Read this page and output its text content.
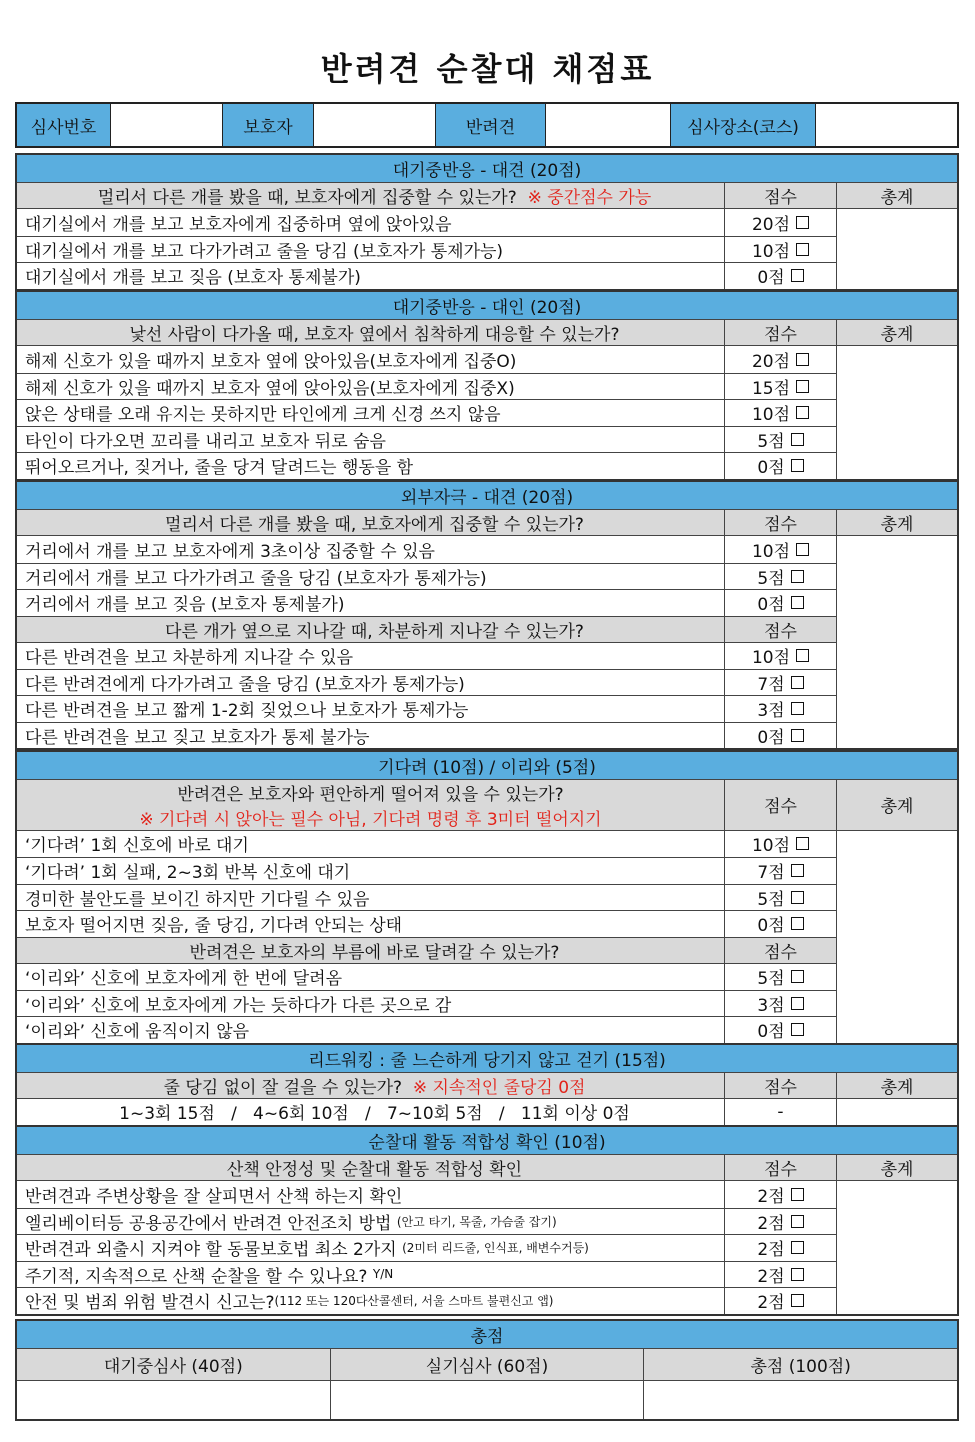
반려견 순찰대 채점표
심사번호	보호자	반려견	심사장소(코스)
대기중반응 - 대견 (20점)
멀리서 다른 개를 봤을 때, 보호자에게 집중할 수 있는가?
※ 중간점수 가능	점수	총계
대기실에서 개를 보고 보호자에게 집중하며 옆에 앉아있음	20점
대기실에서 개를 보고 다가가려고 줄을 당김 (보호자가 통제가능)	10점
대기실에서 개를 보고 짖음 (보호자 통제불가)	0점
대기중반응 - 대인 (20점)
낯선 사람이 다가올 때, 보호자 옆에서 침착하게 대응할 수 있는가?	점수	총계
해제 신호가 있을 때까지 보호자 옆에 앉아있음(보호자에게 집중O)	20점
해제 신호가 있을 때까지 보호자 옆에 앉아있음(보호자에게 집중X)	15점
앉은 상태를 오래 유지는 못하지만 타인에게 크게 신경 쓰지 않음	10점
타인이 다가오면 꼬리를 내리고 보호자 뒤로 숨음	5점
뛰어오르거나, 짖거나, 줄을 당겨 달려드는 행동을 함	0점
외부자극 - 대견 (20점)
멀리서 다른 개를 봤을 때, 보호자에게 집중할 수 있는가?	점수	총계
거리에서 개를 보고 보호자에게 3초이상 집중할 수 있음	10점
거리에서 개를 보고 다가가려고 줄을 당김 (보호자가 통제가능)	5점
거리에서 개를 보고 짖음 (보호자 통제불가)	0점
다른 개가 옆으로 지나갈 때, 차분하게 지나갈 수 있는가?	점수
다른 반려견을 보고 차분하게 지나갈 수 있음	10점
다른 반려견에게 다가가려고 줄을 당김 (보호자가 통제가능)	7점
다른 반려견을 보고 짧게 1-2회 짖었으나 보호자가 통제가능	3점
다른 반려견을 보고 짖고 보호자가 통제 불가능	0점
기다려 (10점) / 이리와 (5점)
반려견은 보호자와 편안하게 떨어져 있을 수 있는가?
※ 기다려 시 앉아는 필수 아님, 기다려 명령 후 3미터 떨어지기
점수	총계
‘기다려’ 1회 신호에 바로 대기	10점
‘기다려’ 1회 실패, 2~3회 반복 신호에 대기	7점
경미한 불안도를 보이긴 하지만 기다릴 수 있음	5점
보호자 떨어지면 짖음, 줄 당김, 기다려 안되는 상태	0점
반려견은 보호자의 부름에 바로 달려갈 수 있는가?	점수
‘이리와’ 신호에 보호자에게 한 번에 달려옴	5점
‘이리와’ 신호에 보호자에게 가는 듯하다가 다른 곳으로 감	3점
‘이리와’ 신호에 움직이지 않음	0점
리드워킹 : 줄 느슨하게 당기지 않고 걷기 (15점)
줄 당김 없이 잘 걸을 수 있는가?
※ 지속적인 줄당김 0점	점수	총계
1~3회 15점   /   4~6회 10점   /   7~10회 5점   /   11회 이상 0점	-
순찰대 활동 적합성 확인 (10점)
산책 안정성 및 순찰대 활동 적합성 확인	점수	총계
반려견과 주변상황을 잘 살피면서 산책 하는지 확인	2점
엘리베이터등 공용공간에서 반려견 안전조치 방법
(안고 타기, 목줄, 가슴줄 잡기)	2점
반려견과 외출시 지켜야 할 동물보호법 최소 2가지
(2미터 리드줄, 인식표, 배변수거등)	2점
주기적, 지속적으로 산책 순찰을 할 수 있나요?
Y/N	2점
안전 및 범죄 위험 발견시 신고는? (112 또는 120다산콜센터, 서울 스마트 불편신고 앱)	2점
총점
대기중심사 (40점)	실기심사 (60점)	총점 (100점)
